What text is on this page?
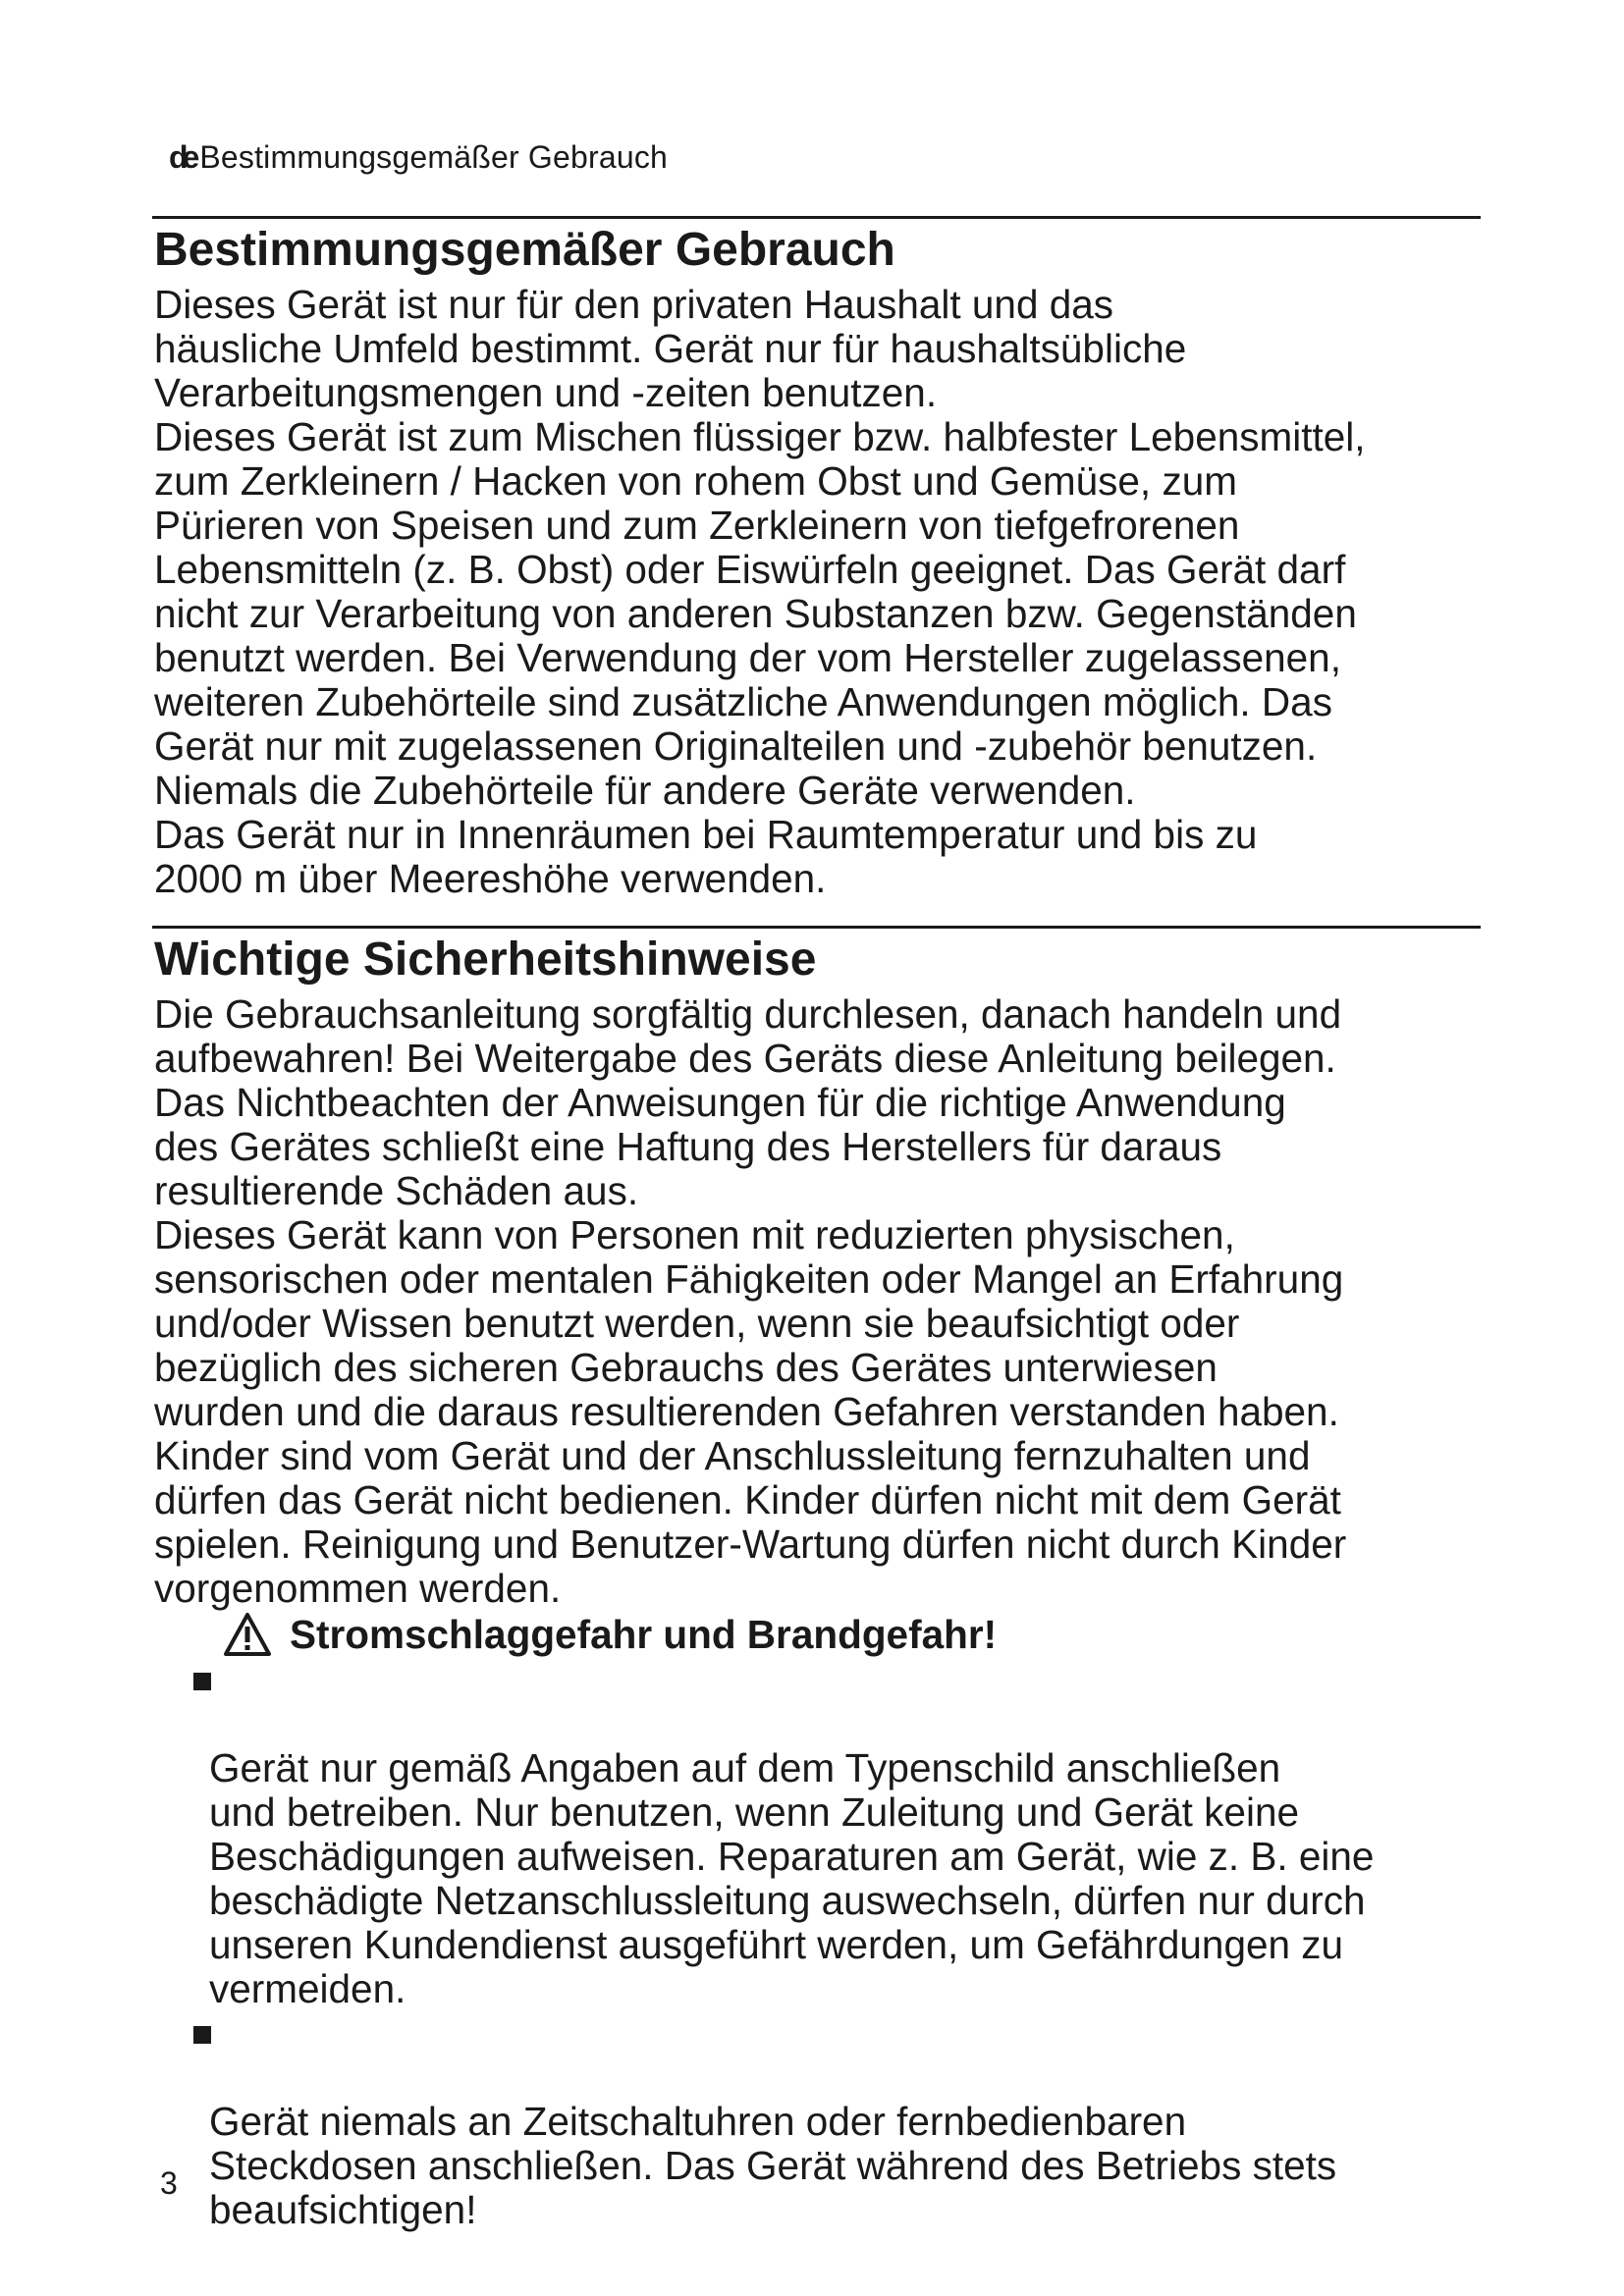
de Bestimmungsgemäßer Gebrauch
Bestimmungsgemäßer Gebrauch

Dieses Gerät ist nur für den privaten Haushalt und das
häusliche Umfeld bestimmt. Gerät nur für haushaltsübliche
Verarbeitungsmengen und -zeiten benutzen.

Dieses Gerät ist zum Mischen flüssiger bzw. halbfester Lebensmittel,
zum Zerkleinern / Hacken von rohem Obst und Gemüse, zum
Pürieren von Speisen und zum Zerkleinern von tiefgefrorenen
Lebensmitteln (z. B. Obst) oder Eiswürfeln geeignet. Das Gerät darf
nicht zur Verarbeitung von anderen Substanzen bzw. Gegenständen
benutzt werden. Bei Verwendung der vom Hersteller zugelassenen,
weiteren Zubehörteile sind zusätzliche Anwendungen möglich. Das
Gerät nur mit zugelassenen Originalteilen und -zubehör benutzen.
Niemals die Zubehörteile für andere Geräte verwenden.

Das Gerät nur in Innenräumen bei Raumtemperatur und bis zu
2000 m über Meereshöhe verwenden.

Wichtige Sicherheitshinweise

Die Gebrauchsanleitung sorgfältig durchlesen, danach handeln und
aufbewahren! Bei Weitergabe des Geräts diese Anleitung beilegen.
Das Nichtbeachten der Anweisungen für die richtige Anwendung
des Gerätes schließt eine Haftung des Herstellers für daraus
resultierende Schäden aus.

Dieses Gerät kann von Personen mit reduzierten physischen,
sensorischen oder mentalen Fähigkeiten oder Mangel an Erfahrung
und/oder Wissen benutzt werden, wenn sie beaufsichtigt oder
bezüglich des sicheren Gebrauchs des Gerätes unterwiesen
wurden und die daraus resultierenden Gefahren verstanden haben.
Kinder sind vom Gerät und der Anschlussleitung fernzuhalten und
dürfen das Gerät nicht bedienen. Kinder dürfen nicht mit dem Gerät
spielen. Reinigung und Benutzer-Wartung dürfen nicht durch Kinder
vorgenommen werden.

Stromschlaggefahr und Brandgefahr!

Gerät nur gemäß Angaben auf dem Typenschild anschließen
und betreiben. Nur benutzen, wenn Zuleitung und Gerät keine
Beschädigungen aufweisen. Reparaturen am Gerät, wie z. B. eine
beschädigte Netzanschlussleitung auswechseln, dürfen nur durch
unseren Kundendienst ausgeführt werden, um Gefährdungen zu
vermeiden.

Gerät niemals an Zeitschaltuhren oder fernbedienbaren
Steckdosen anschließen. Das Gerät während des Betriebs stets
beaufsichtigen!

3
